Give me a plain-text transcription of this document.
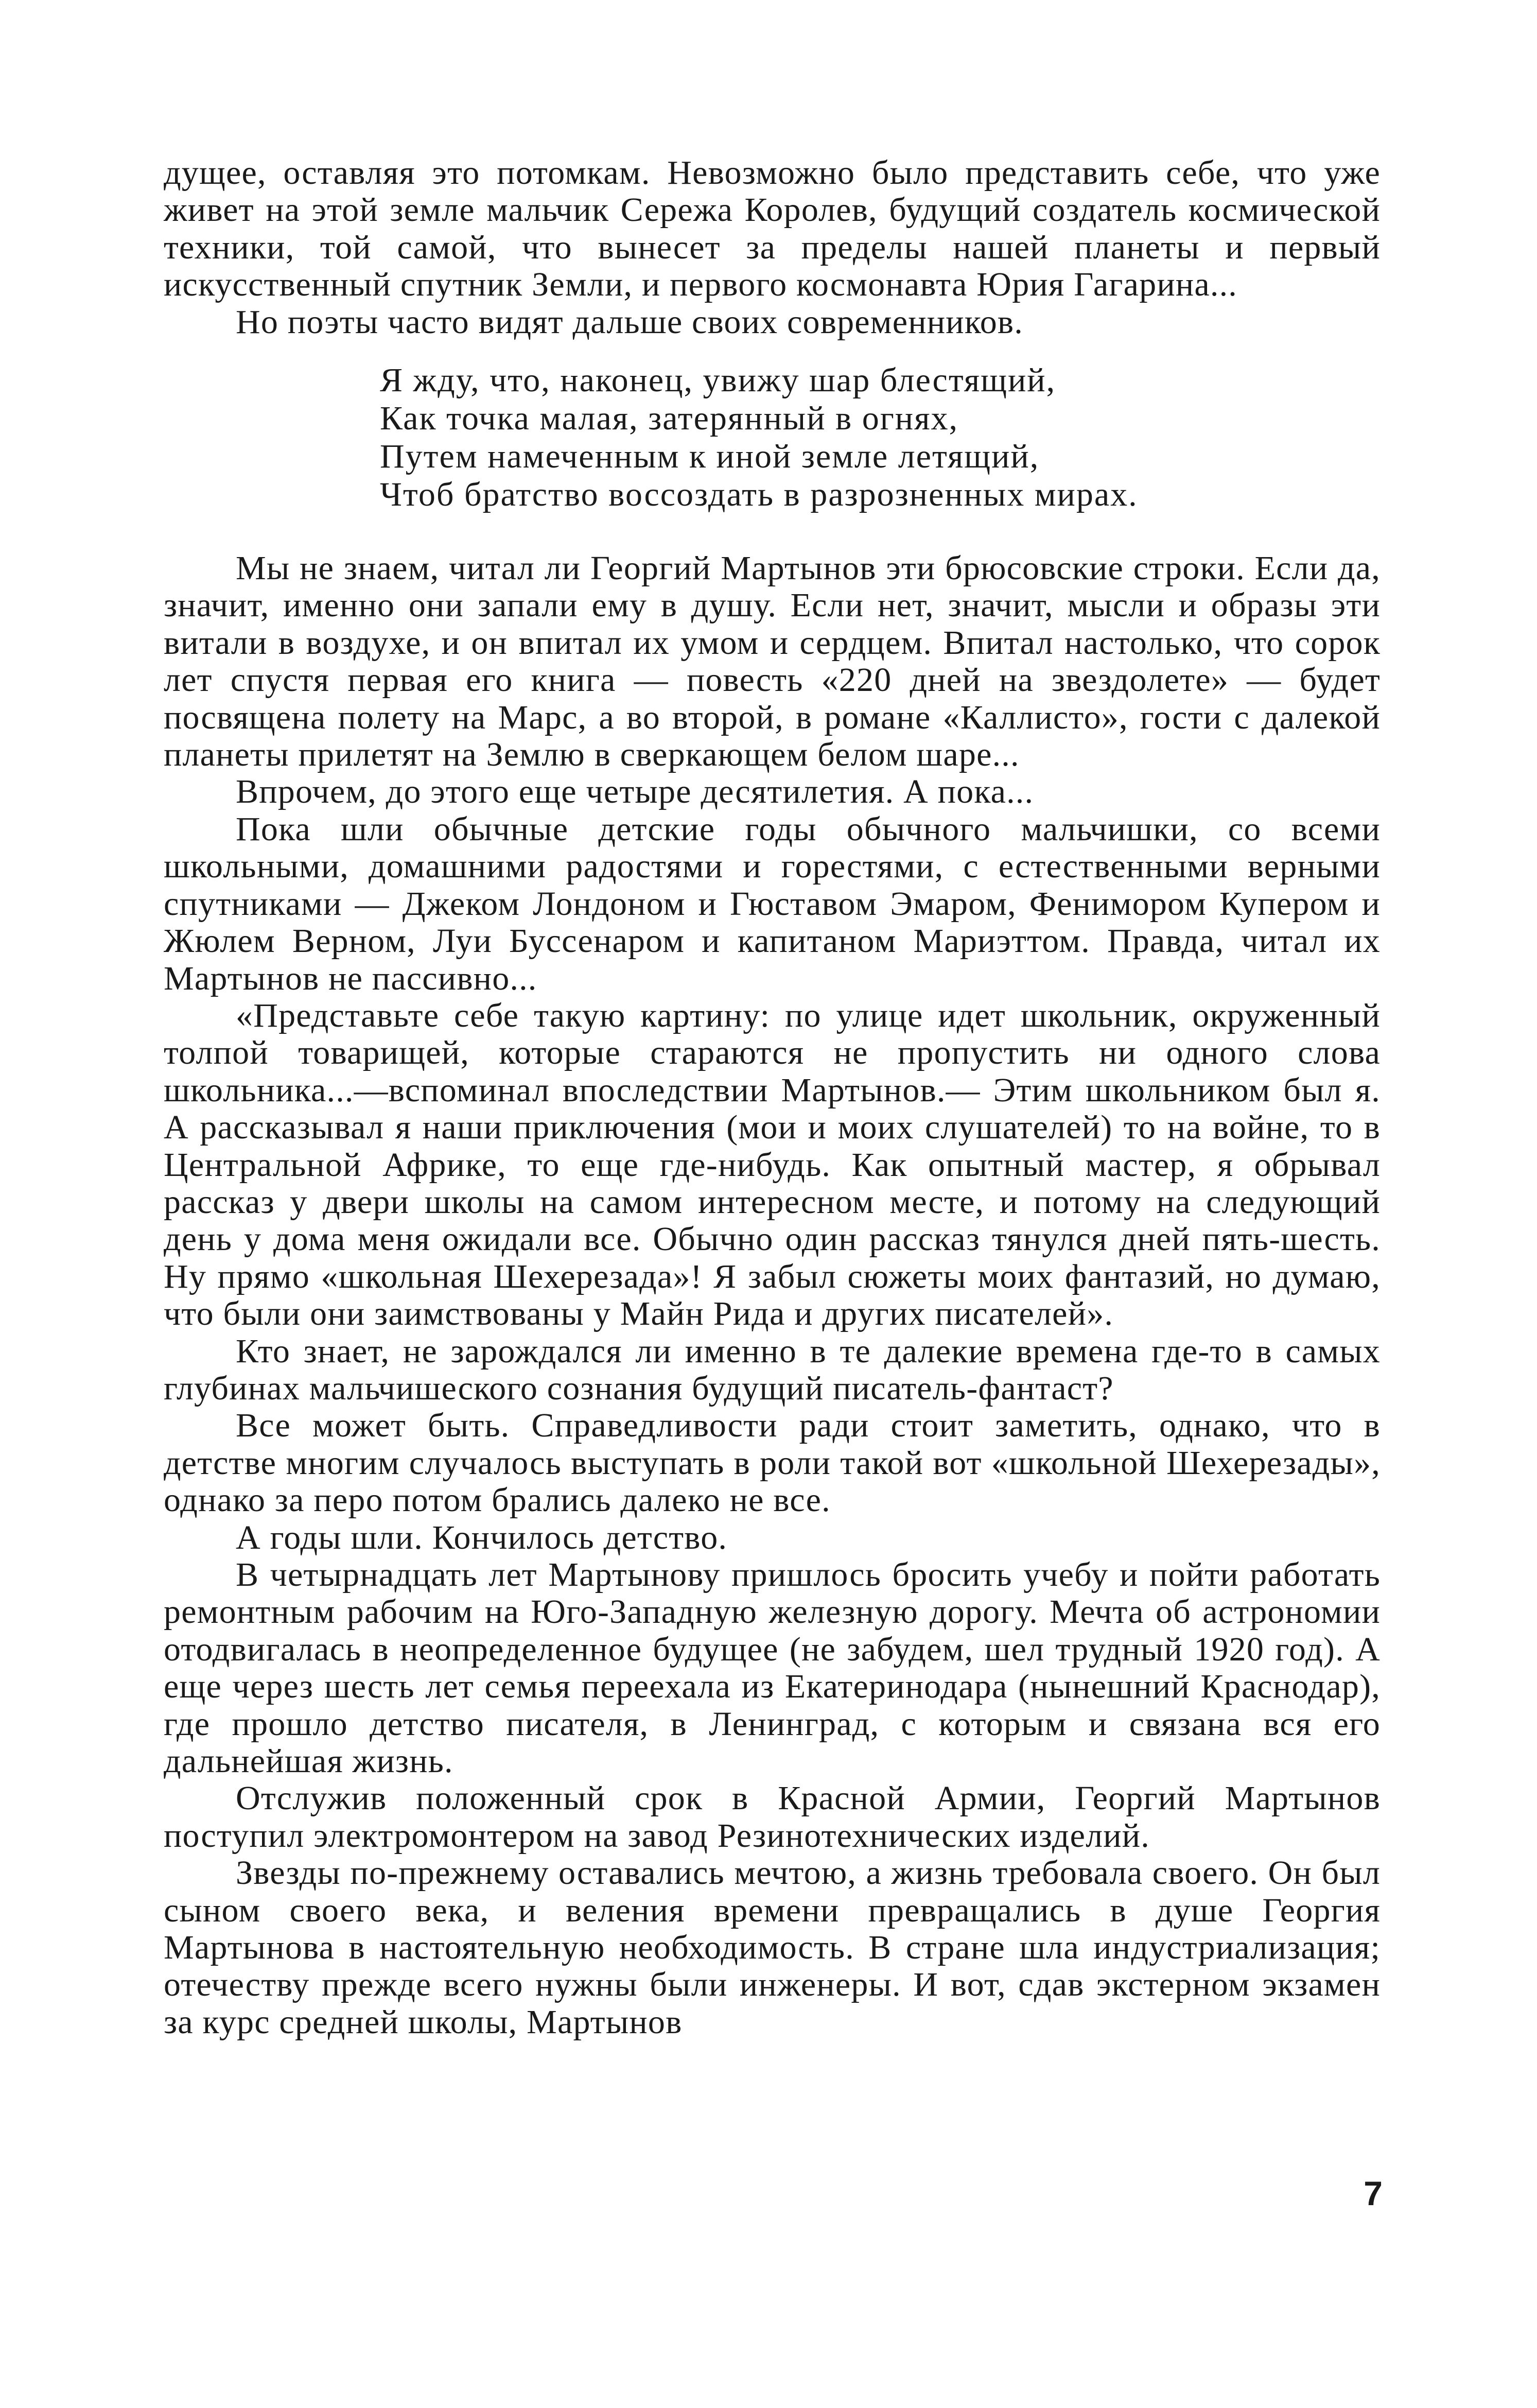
дущее, оставляя это потомкам. Невозможно было представить себе, что уже живет на этой земле мальчик Сережа Королев, будущий создатель космической техники, той самой, что вынесет за пределы нашей планеты и первый искусственный спутник Земли, и первого космонавта Юрия Гагарина...

Но поэты часто видят дальше своих современников.

Я жду, что, наконец, увижу шар блестящий,

Как точка малая, затерянный в огнях,

Путем намеченным к иной земле летящий,

Чтоб братство воссоздать в разрозненных мирах.

Мы не знаем, читал ли Георгий Мартынов эти брюсовские строки. Если да, значит, именно они запали ему в душу. Если нет, значит, мысли и образы эти витали в воздухе, и он впитал их умом и сердцем. Впитал настолько, что сорок лет спустя первая его книга — повесть «220 дней на звездолете» — будет посвящена полету на Марс, а во второй, в романе «Каллисто», гости с далекой планеты прилетят на Землю в сверкающем белом шаре...

Впрочем, до этого еще четыре десятилетия. А пока...

Пока шли обычные детские годы обычного мальчишки, со всеми школьными, домашними радостями и горестями, с естественными верными спутниками — Джеком Лондоном и Гюставом Эмаром, Фенимором Купером и Жюлем Верном, Луи Буссенаром и капитаном Мариэттом. Правда, читал их Мартынов не пассивно...

«Представьте себе такую картину: по улице идет школьник, окруженный толпой товарищей, которые стараются не пропустить ни одного слова школьника...—вспоминал впоследствии Мартынов.— Этим школьником был я. А рассказывал я наши приключения (мои и моих слушателей) то на войне, то в Центральной Африке, то еще где-нибудь. Как опытный мастер, я обрывал рассказ у двери школы на самом интересном месте, и потому на следующий день у дома меня ожидали все. Обычно один рассказ тянулся дней пять-шесть. Ну прямо «школьная Шехерезада»! Я забыл сюжеты моих фантазий, но думаю, что были они заимствованы у Майн Рида и других писателей».

Кто знает, не зарождался ли именно в те далекие времена где-то в самых глубинах мальчишеского сознания будущий писатель-фантаст?

Все может быть. Справедливости ради стоит заметить, однако, что в детстве многим случалось выступать в роли такой вот «школьной Шехерезады», однако за перо потом брались далеко не все.

А годы шли. Кончилось детство.

В четырнадцать лет Мартынову пришлось бросить учебу и пойти работать ремонтным рабочим на Юго-Западную железную дорогу. Мечта об астрономии отодвигалась в неопределенное будущее (не забудем, шел трудный 1920 год). А еще через шесть лет семья переехала из Екатеринодара (нынешний Краснодар), где прошло детство писателя, в Ленинград, с которым и связана вся его дальнейшая жизнь.

Отслужив положенный срок в Красной Армии, Георгий Мартынов поступил электромонтером на завод Резинотехнических изделий.

Звезды по-прежнему оставались мечтою, а жизнь требовала своего. Он был сыном своего века, и веления времени превращались в душе Георгия Мартынова в настоятельную необходимость. В стране шла индустриализация; отечеству прежде всего нужны были инженеры. И вот, сдав экстерном экзамен за курс средней школы, Мартынов

7
